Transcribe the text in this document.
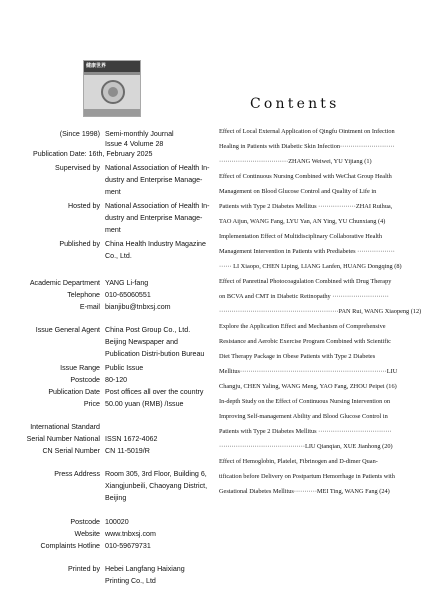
健康世界
(Since 1998) Semi-monthly Journal
Issue 4 Volume 28
Publication Date: 16th, February 2025
Supervised by National Association of Health In-dustry and Enterprise Manage-ment
Hosted by National Association of Health In-dustry and Enterprise Manage-ment
Published by China Health Industry Magazine Co., Ltd.
Academic Department YANG Li-fang
Telephone 010-65060551
E-mail bianjibu@tnbxsj.com
Issue General Agent China Post Group Co., Ltd. Beijing Newspaper and Publication Distri-bution Bureau
Issue Range Public Issue
Postcode 80-120
Publication Date Post offices all over the country
Price 50.00 yuan (RMB) /Issue
International Standard
Serial Number National ISSN 1672-4062
CN Serial Number CN 11-5019/R
Press Address Room 305, 3rd Floor, Building 6, Xiangjunbeili, Chaoyang District, Beijing
Postcode 100020
Website www.tnbxsj.com
Complaints Hotline 010-59679731
Printed by Hebei Langfang Haixiang Printing Co., Ltd
Contents

Effect of Local External Application of Qingfu Ointment on Infection

Healing in Patients with Diabetic Skin Infection··························

·································ZHANG Weiwei, YU Yijiang (1)

Effect of Continuous Nursing Combined with WeChat Group Health

Management on Blood Glucose Control and Quality of Life in

Patients with Type 2 Diabetes Mellitus ··················ZHAI Ruihua,

TAO Aijun, WANG Fang, LYU Yan, AN Ying, YU Chunxiang (4)

Implementation Effect of Multidisciplinary Collaborative Health

Management Intervention in Patients with Prediabetes ··················

······ LI Xiaopo, CHEN Liping, LIANG Lanfen, HUANG Dongqing (8)

Effect of Panretinal Photocoagulation Combined with Drug Therapy

on BCVA and CMT in Diabetic Retinopathy ···························

·························································PAN Rui, WANG Xiaopeng (12)

Explore the Application Effect and Mechanism of Comprehensive

Resistance and Aerobic Exercise Program Combined with Scientific

Diet Therapy Package in Obese Patients with Type 2 Diabetes

Mellitus······································································LIU

Changju, CHEN Yaling, WANG Meng, YAO Fang, ZHOU Peipei (16)

In-depth Study on the Effect of Continuous Nursing Intervention on

Improving Self-management Ability and Blood Glucose Control in

Patients with Type 2 Diabetes Mellitus ···································

·········································LIU Qianqian, XUE Jianhong (20)

Effect of Hemoglobin, Platelet, Fibrinogen and D-dimer Quan-

tification before Delivery on Postpartum Hemorrhage in Patients with

Gestational Diabetes Mellitus···········MEI Ting, WANG Fang (24)
